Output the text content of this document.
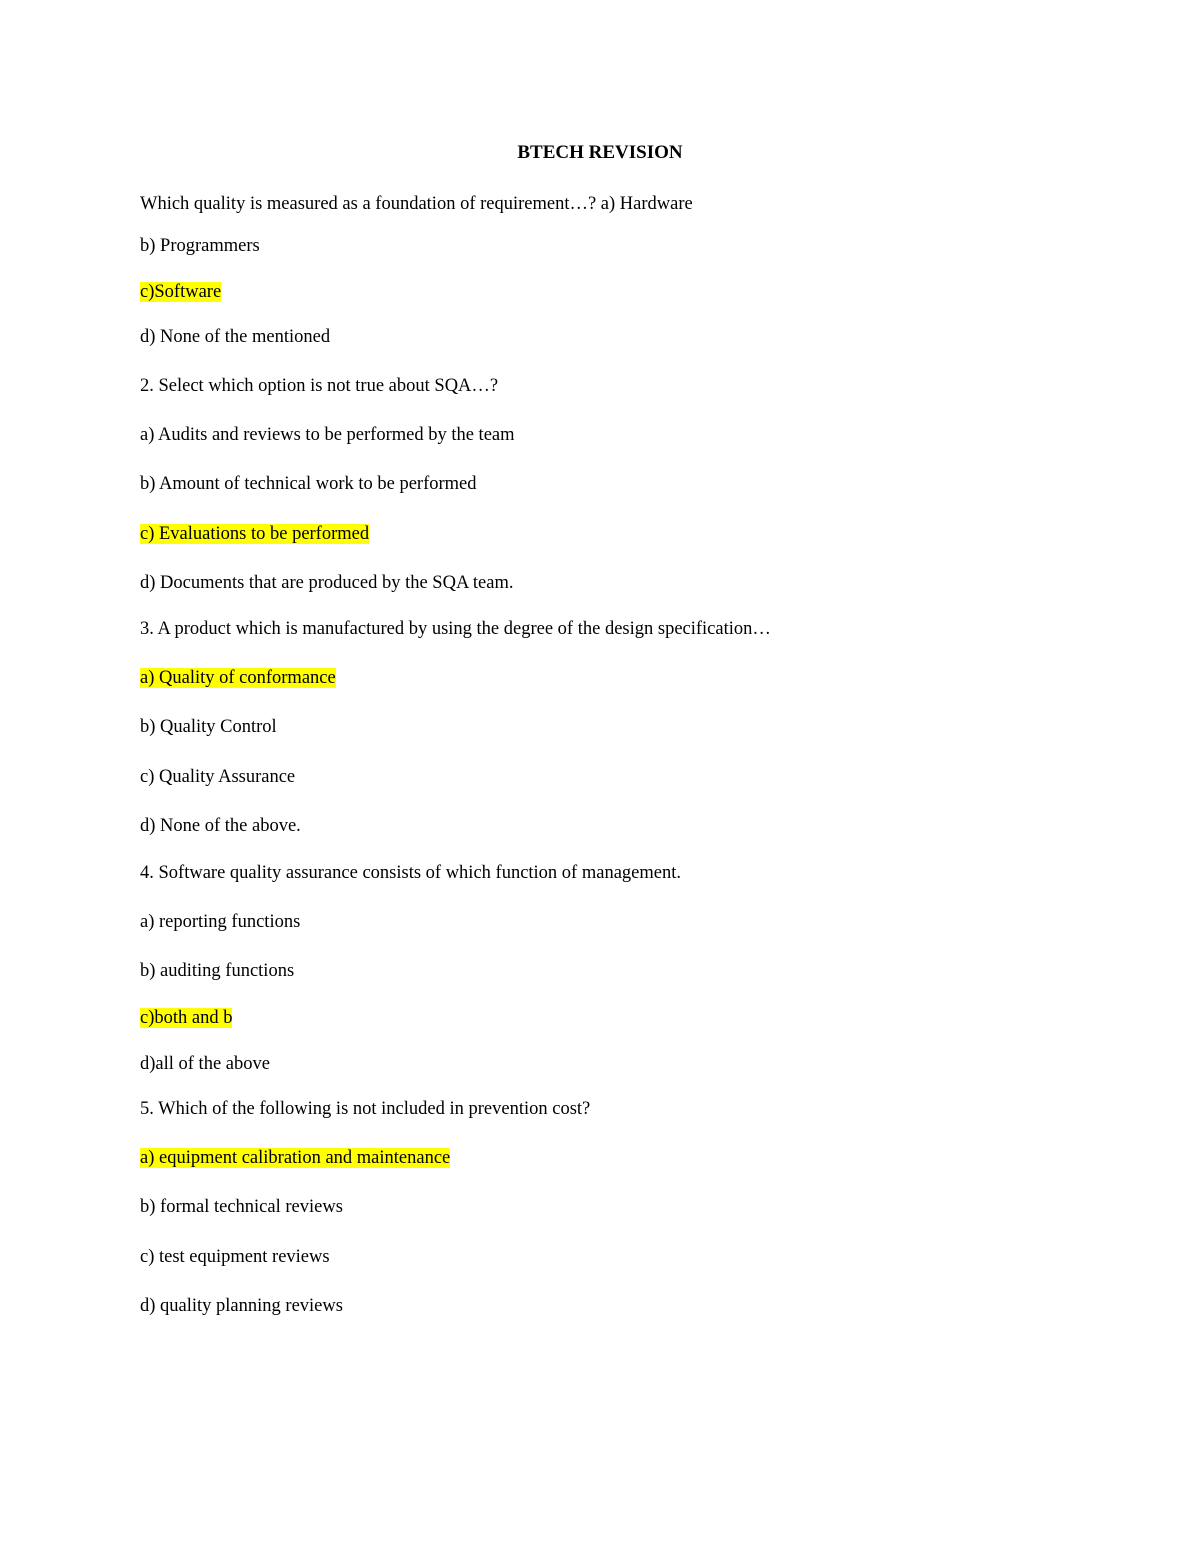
BTECH REVISION
Which quality is measured as a foundation of requirement…? a) Hardware
b) Programmers
c)Software
d) None of the mentioned
2. Select which option is not true about SQA…?
a) Audits and reviews to be performed by the team
b) Amount of technical work to be performed
c) Evaluations to be performed
d) Documents that are produced by the SQA team.
3. A product which is manufactured by using the degree of the design specification…
a) Quality of conformance
b) Quality Control
c) Quality Assurance
d) None of the above.
4. Software quality assurance consists of which function of management.
a) reporting functions
b) auditing functions
c)both and b
d)all of the above
5. Which of the following is not included in prevention cost?
a) equipment calibration and maintenance
b) formal technical reviews
c) test equipment reviews
d) quality planning reviews
